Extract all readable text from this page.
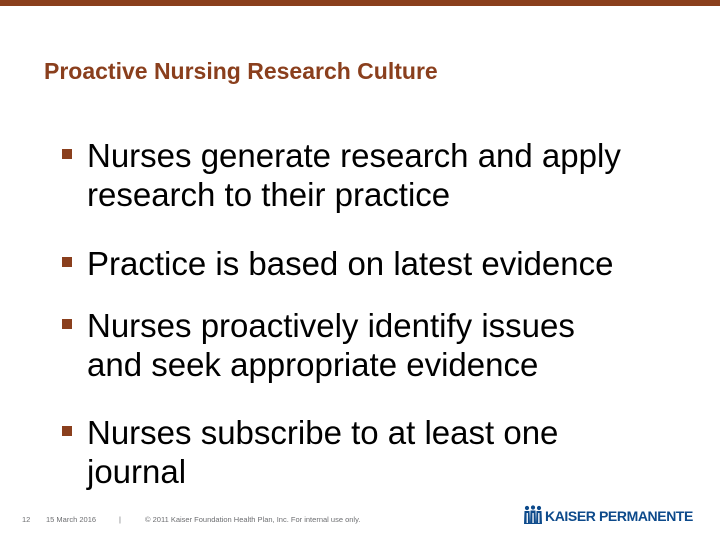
Proactive Nursing Research Culture
Nurses generate research and apply
research to their practice
Practice is based on latest evidence
Nurses proactively identify issues
and seek appropriate evidence
Nurses subscribe to at least one
journal
12 15 March 2016	|	© 2011 Kaiser Foundation Health Plan, Inc. For internal use only.	KAISER PERMANENTE
